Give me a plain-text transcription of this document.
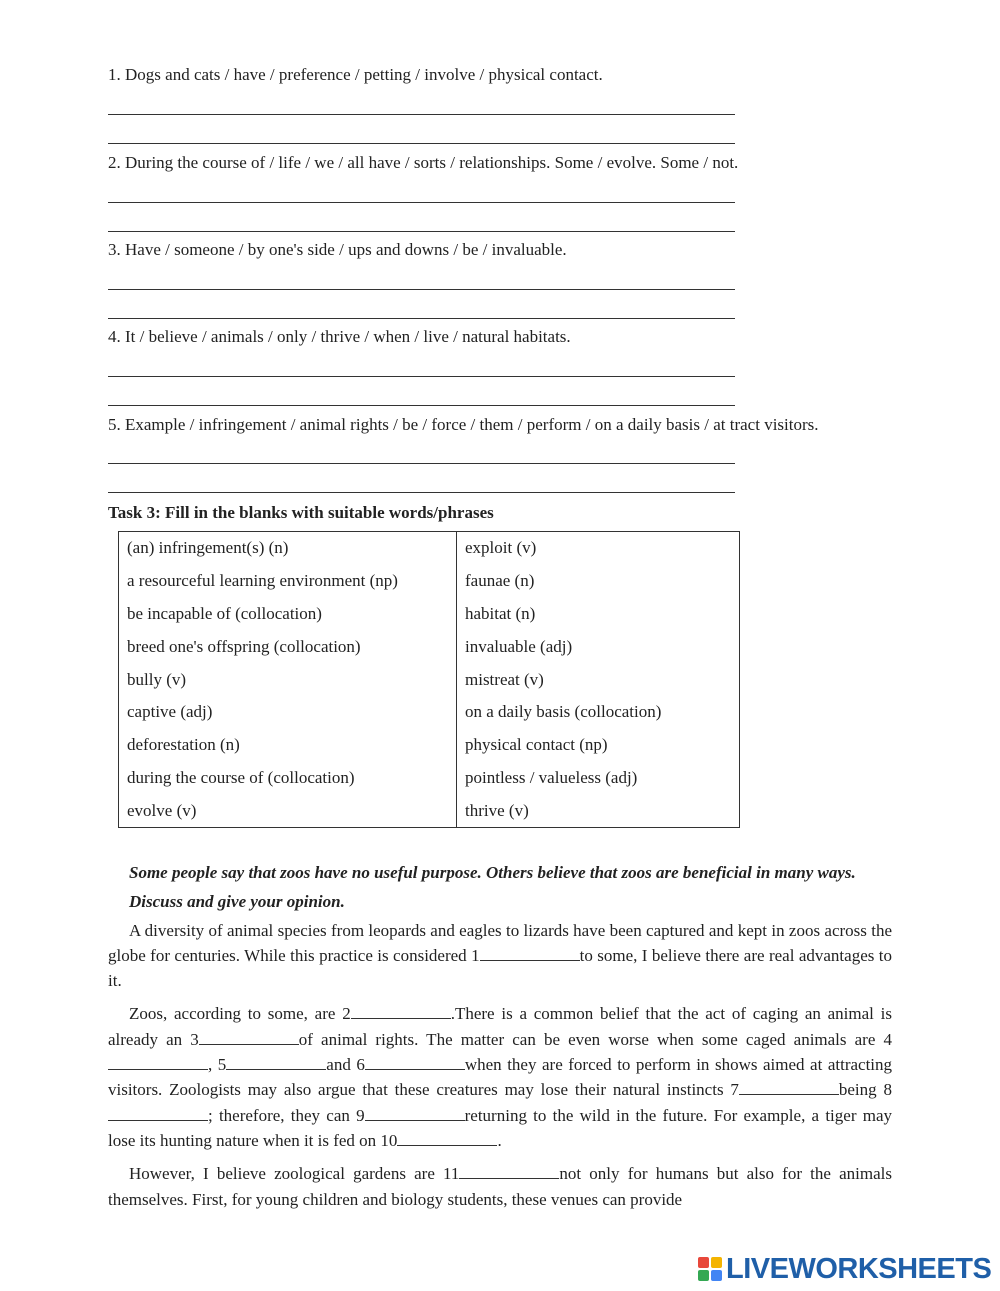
1. Dogs and cats / have / preference / petting / involve / physical contact.
2. During the course of / life / we / all have / sorts / relationships. Some / evolve. Some / not.
3. Have / someone / by one's side / ups and downs / be / invaluable.
4. It / believe / animals / only / thrive / when / live / natural habitats.
5. Example / infringement / animal rights / be / force / them / perform / on a daily basis / at tract visitors.
Task 3: Fill in the blanks with suitable words/phrases
(an) infringement(s) (n)	exploit (v)
a resourceful learning environment (np)	faunae (n)
be incapable of (collocation)	habitat (n)
breed one's offspring (collocation)	invaluable (adj)
bully (v)	mistreat (v)
captive (adj)	on a daily basis (collocation)
deforestation (n)	physical contact (np)
during the course of (collocation)	pointless / valueless (adj)
evolve (v)	thrive (v)
Some people say that zoos have no useful purpose. Others believe that zoos are beneficial in many ways.
Discuss and give your opinion.
A diversity of animal species from leopards and eagles to lizards have been captured and kept in zoos across the globe for centuries. While this practice is considered 1	to some, I believe there are real advantages to it.
Zoos, according to some, are 2	.There is a common belief that the act of caging an animal is already an 3	of animal rights. The matter can be even worse when some caged animals are 4, 5	and 6	when they are forced to perform in shows aimed at attracting visitors. Zoologists may also argue that these creatures may lose their natural instincts 7	being 8; therefore, they can 9	returning to the wild in the future. For example, a tiger may lose its hunting nature when it is fed on 10	.
However, I believe zoological gardens are 11	not only for humans but also for the animals themselves. First, for young children and biology students, these venues can provide
LIVEWORKSHEETS
